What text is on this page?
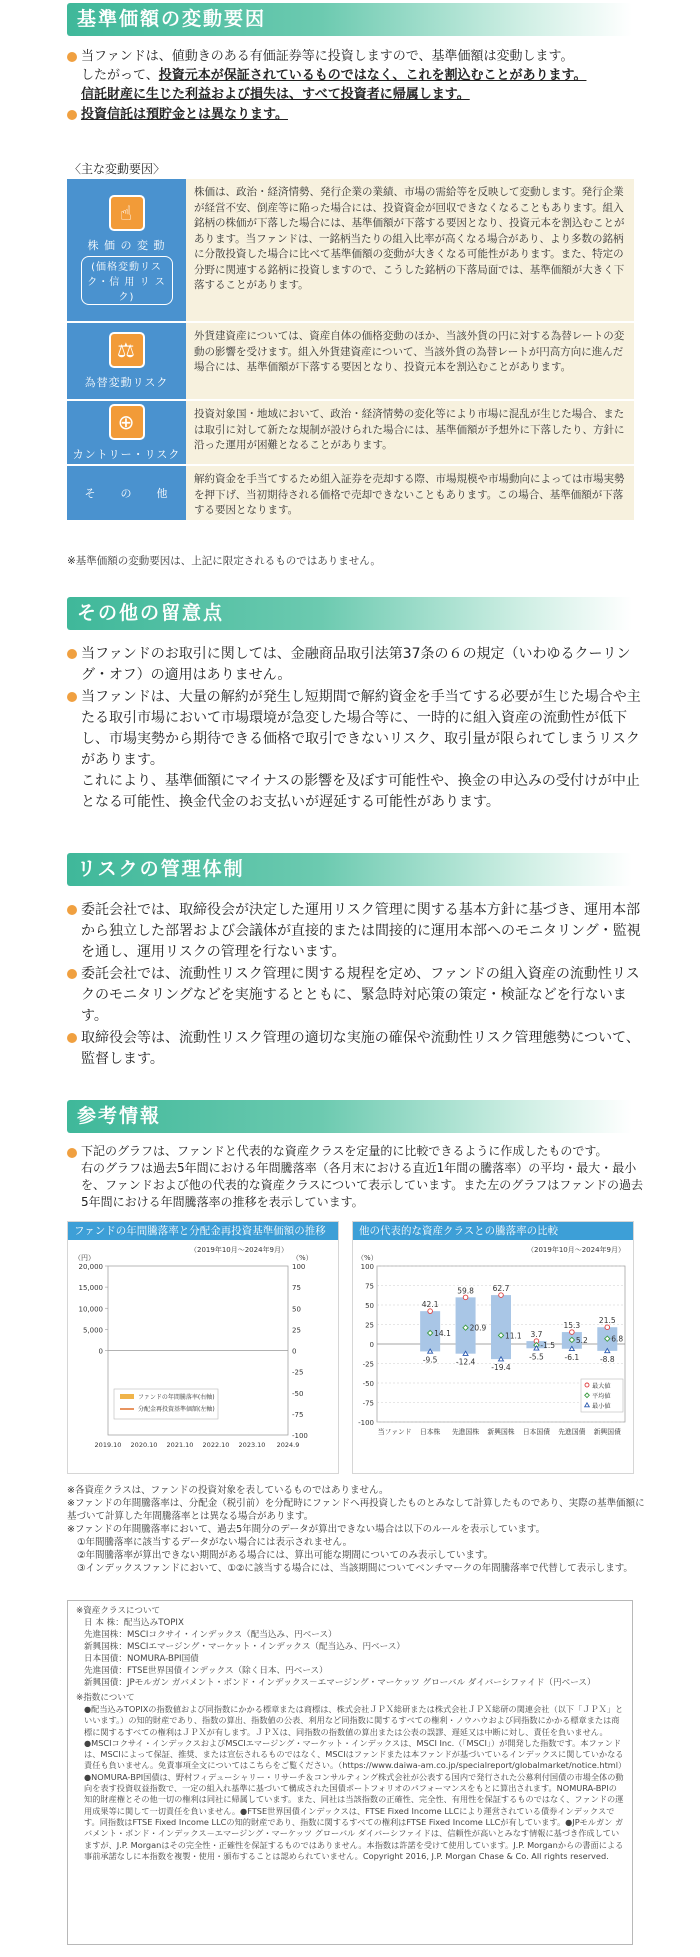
基準価額の変動要因
当ファンドは、値動きのある有価証券等に投資しますので、基準価額は変動します。
したがって、投資元本が保証されているものではなく、これを割込むことがあります。
信託財産に生じた利益および損失は、すべて投資者に帰属します。
投資信託は預貯金とは異なります。
〈主な変動要因〉
☝
株 価 の 変 動
(価格変動リスク・信 用 リ ス ク)
株価は、政治・経済情勢、発行企業の業績、市場の需給等を反映して変動します。発行企業が経営不安、倒産等に陥った場合には、投資資金が回収できなくなることもあります。組入銘柄の株価が下落した場合には、基準価額が下落する要因となり、投資元本を割込むことがあります。当ファンドは、一銘柄当たりの組入比率が高くなる場合があり、より多数の銘柄に分散投資した場合に比べて基準価額の変動が大きくなる可能性があります。また、特定の分野に関連する銘柄に投資しますので、こうした銘柄の下落局面では、基準価額が大きく下落することがあります。
⚖
為替変動リスク
外貨建資産については、資産自体の価格変動のほか、当該外貨の円に対する為替レートの変動の影響を受けます。組入外貨建資産について、当該外貨の為替レートが円高方向に進んだ場合には、基準価額が下落する要因となり、投資元本を割込むことがあります。
⊕
カントリー・リスク
投資対象国・地域において、政治・経済情勢の変化等により市場に混乱が生じた場合、または取引に対して新たな規制が設けられた場合には、基準価額が予想外に下落したり、方針に沿った運用が困難となることがあります。
そ　　の　　他
解約資金を手当てするため組入証券を売却する際、市場規模や市場動向によっては市場実勢を押下げ、当初期待される価格で売却できないこともあります。この場合、基準価額が下落する要因となります。
※基準価額の変動要因は、上記に限定されるものではありません。
その他の留意点
当ファンドのお取引に関しては、金融商品取引法第37条の６の規定（いわゆるクーリング・オフ）の適用はありません。
当ファンドは、大量の解約が発生し短期間で解約資金を手当てする必要が生じた場合や主たる取引市場において市場環境が急変した場合等に、一時的に組入資産の流動性が低下し、市場実勢から期待できる価格で取引できないリスク、取引量が限られてしまうリスクがあります。
これにより、基準価額にマイナスの影響を及ぼす可能性や、換金の申込みの受付けが中止となる可能性、換金代金のお支払いが遅延する可能性があります。
リスクの管理体制
委託会社では、取締役会が決定した運用リスク管理に関する基本方針に基づき、運用本部から独立した部署および会議体が直接的または間接的に運用本部へのモニタリング・監視を通し、運用リスクの管理を行ないます。
委託会社では、流動性リスク管理に関する規程を定め、ファンドの組入資産の流動性リスクのモニタリングなどを実施するとともに、緊急時対応策の策定・検証などを行ないます。
取締役会等は、流動性リスク管理の適切な実施の確保や流動性リスク管理態勢について、監督します。
参考情報
下記のグラフは、ファンドと代表的な資産クラスを定量的に比較できるように作成したものです。
右のグラフは過去5年間における年間騰落率（各月末における直近1年間の騰落率）の平均・最大・最小を、ファンドおよび他の代表的な資産クラスについて表示しています。また左のグラフはファンドの過去5年間における年間騰落率の推移を表示しています。
ファンドの年間騰落率と分配金再投資基準価額の推移
（2019年10月～2024年9月）
（円）	（%）
100
75
50
25
0
-25
-50
-75
-100
20,000
15,000
10,000
5,000
0
2019.10 2020.10 2021.10 2022.10 2023.10 2024.9
ファンドの年間騰落率(右軸)
分配金再投資基準価額(左軸)
他の代表的な資産クラスとの騰落率の比較
（2019年10月～2024年9月）
（%）
100
75
50
25
0
-25
-50
-75
-100
当ファンド 日本株
42.1
14.1
-9.5
先進国株
59.8
20.9
-12.4
新興国株
62.7
11.1
-19.4
日本国債
3.7
-1.5
-5.5
先進国債
15.3
5.2
-6.1
新興国債
21.5
6.8
-8.8
最大値
平均値
最小値
※各資産クラスは、ファンドの投資対象を表しているものではありません。
※ファンドの年間騰落率は、分配金（税引前）を分配時にファンドへ再投資したものとみなして計算したものであり、実際の基準価額に基づいて計算した年間騰落率とは異なる場合があります。
※ファンドの年間騰落率において、過去5年間分のデータが算出できない場合は以下のルールを表示しています。
①年間騰落率に該当するデータがない場合には表示されません。
②年間騰落率が算出できない期間がある場合には、算出可能な期間についてのみ表示しています。
③インデックスファンドにおいて、①②に該当する場合には、当該期間についてベンチマークの年間騰落率で代替して表示します。
※資産クラスについて
日 本 株：配当込みTOPIX
先進国株：MSCIコクサイ・インデックス（配当込み、円ベース）
新興国株：MSCIエマージング・マーケット・インデックス（配当込み、円ベース）
日本国債：NOMURA-BPI国債
先進国債：FTSE世界国債インデックス（除く日本、円ベース）
新興国債：JPモルガン ガバメント・ボンド・インデックス－エマージング・マーケッツ グローバル ダイバーシファイド（円ベース）
※指数について
●配当込みTOPIXの指数値および同指数にかかる標章または商標は、株式会社ＪＰＸ総研または株式会社ＪＰＸ総研の関連会社（以下「ＪＰＸ」といいます。）の知的財産であり、指数の算出、指数値の公表、利用など同指数に関するすべての権利・ノウハウおよび同指数にかかる標章または商標に関するすべての権利はＪＰＸが有します。ＪＰＸは、同指数の指数値の算出または公表の誤謬、遅延又は中断に対し、責任を負いません。●MSCIコクサイ・インデックスおよびMSCIエマージング・マーケット・インデックスは、MSCI Inc.（「MSCI」）が開発した指数です。本ファンドは、MSCIによって保証、推奨、または宣伝されるものではなく、MSCIはファンドまたは本ファンドが基づいているインデックスに関していかなる責任も負いません。免責事項全文についてはこちらをご覧ください。（https://www.daiwa-am.co.jp/specialreport/globalmarket/notice.html）●NOMURA-BPI国債は、野村フィデューシャリー・リサーチ＆コンサルティング株式会社が公表する国内で発行された公募利付国債の市場全体の動向を表す投資収益指数で、一定の組入れ基準に基づいて構成された国債ポートフォリオのパフォーマンスをもとに算出されます。NOMURA-BPIの知的財産権とその他一切の権利は同社に帰属しています。また、同社は当該指数の正確性、完全性、有用性を保証するものではなく、ファンドの運用成果等に関して一切責任を負いません。●FTSE世界国債インデックスは、FTSE Fixed Income LLCにより運営されている債券インデックスです。同指数はFTSE Fixed Income LLCの知的財産であり、指数に関するすべての権利はFTSE Fixed Income LLCが有しています。●JPモルガン ガバメント・ボンド・インデックス－エマージング・マーケッツ グローバル ダイバーシファイドは、信頼性が高いとみなす情報に基づき作成していますが、J.P. Morganはその完全性・正確性を保証するものではありません。本指数は許諾を受けて使用しています。J.P. Morganからの書面による事前承諾なしに本指数を複製・使用・頒布することは認められていません。Copyright 2016, J.P. Morgan Chase & Co. All rights reserved.
